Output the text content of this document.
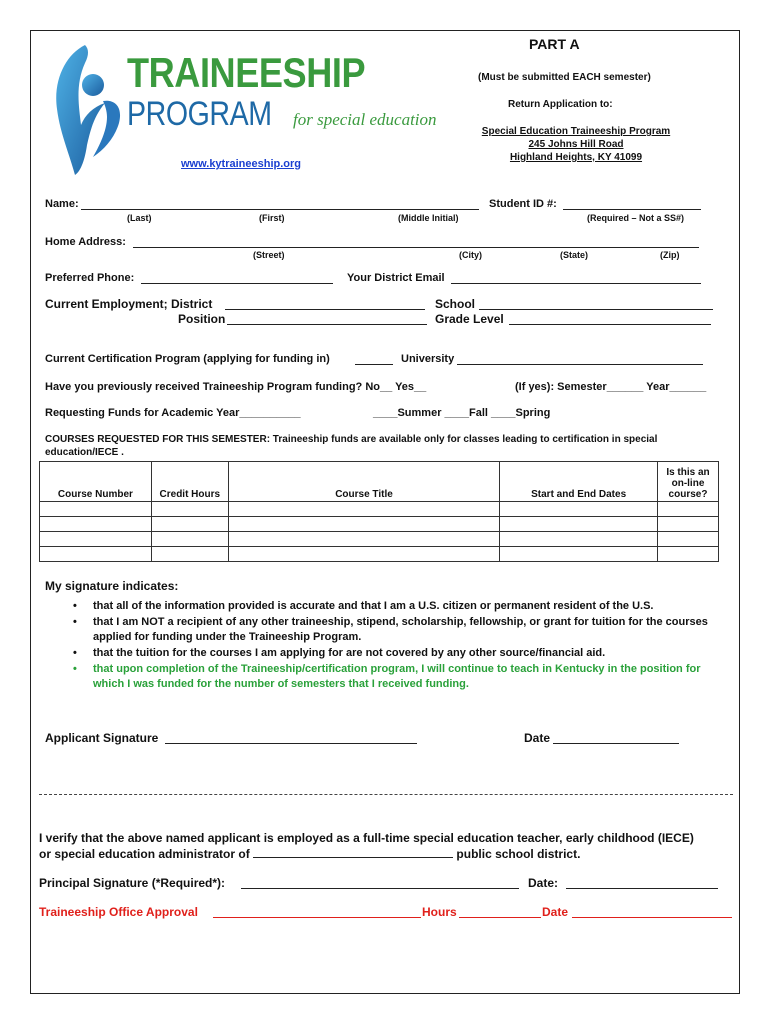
TRAINEESHIP
PROGRAM for special education
www.kytraineeship.org
PART A
(Must be submitted EACH semester)
Return Application to:
Special Education Traineeship Program
245 Johns Hill Road
Highland Heights, KY 41099
Name:	Student ID #:
(Last)	(First)	(Middle Initial)	(Required – Not a SS#)
Home Address:
(Street)	(City)	(State)	(Zip)
Preferred Phone:	Your District Email
Current Employment; District	School
Position	Grade Level
Current Certification Program (applying for funding in)	University
Have you previously received Traineeship Program funding? No__ Yes__	(If yes): Semester______ Year______
Requesting Funds for Academic Year__________	____Summer ____Fall ____Spring
COURSES REQUESTED FOR THIS SEMESTER: Traineeship funds are available only for classes leading to certification in special education/IECE .
Course Number	Credit Hours	Course Title	Start and End Dates	Is this an on-line course?

My signature indicates:
• that all of the information provided is accurate and that I am a U.S. citizen or permanent resident of the U.S.
• that I am NOT a recipient of any other traineeship, stipend, scholarship, fellowship, or grant for tuition for the courses applied for funding under the Traineeship Program.
• that the tuition for the courses I am applying for are not covered by any other source/financial aid.
• that upon completion of the Traineeship/certification program, I will continue to teach in Kentucky in the position for which I was funded for the number of semesters that I received funding.
Applicant Signature	Date
I verify that the above named applicant is employed as a full-time special education teacher, early childhood (IECE)
or special education administrator of	public school district.
Principal Signature (*Required*):	Date:
Traineeship Office Approval	Hours	Date
